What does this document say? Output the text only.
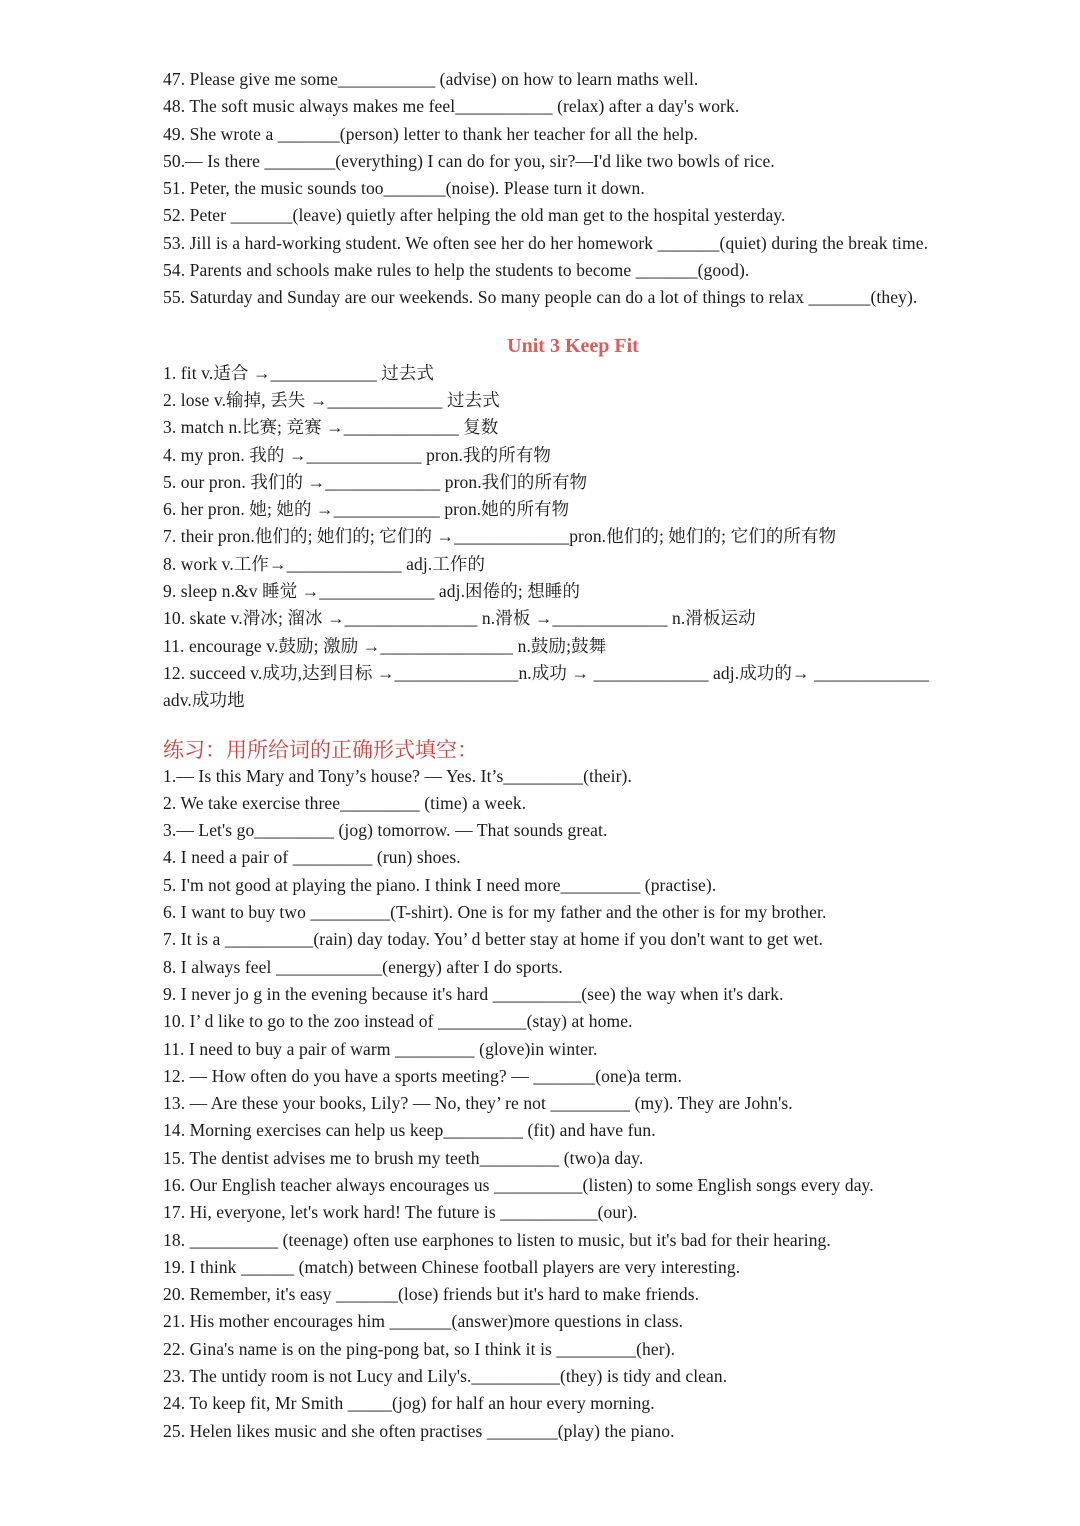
47. Please give me some___________ (advise) on how to learn maths well.
48. The soft music always makes me feel___________ (relax) after a day's work.
49. She wrote a _______(person) letter to thank her teacher for all the help.
50.— Is there ________(everything) I can do for you, sir?—I'd like two bowls of rice.
51. Peter, the music sounds too_______(noise). Please turn it down.
52. Peter _______(leave) quietly after helping the old man get to the hospital yesterday.
53. Jill is a hard-working student. We often see her do her homework _______(quiet) during the break time.
54. Parents and schools make rules to help the students to become _______(good).
55. Saturday and Sunday are our weekends. So many people can do a lot of things to relax _______(they).
Unit 3 Keep Fit
1. fit v.适合 →____________ 过去式
2. lose v.输掉, 丢失 →_____________ 过去式
3. match n.比赛; 竞赛 →_____________ 复数
4. my pron. 我的 →_____________ pron.我的所有物
5. our pron. 我们的 →_____________ pron.我们的所有物
6. her pron. 她; 她的 →____________ pron.她的所有物
7. their pron.他们的; 她们的; 它们的 →_____________pron.他们的; 她们的; 它们的所有物
8. work v.工作→_____________ adj.工作的
9. sleep n.&v 睡觉 →_____________ adj.困倦的; 想睡的
10. skate v.滑冰; 溜冰 →_______________ n.滑板 →_____________ n.滑板运动
11. encourage v.鼓励; 激励 →_______________ n.鼓励;鼓舞
12. succeed v.成功,达到目标 →______________n.成功 → _____________ adj.成功的→ _____________
adv.成功地
练习：用所给词的正确形式填空：
1.— Is this Mary and Tony’s house? — Yes. It’s_________(their).
2. We take exercise three_________ (time) a week.
3.— Let's go_________ (jog) tomorrow. — That sounds great.
4. I need a pair of _________ (run) shoes.
5. I'm not good at playing the piano. I think I need more_________ (practise).
6. I want to buy two _________(T-shirt). One is for my father and the other is for my brother.
7. It is a __________(rain) day today. You’ d better stay at home if you don't want to get wet.
8. I always feel ____________(energy) after I do sports.
9. I never jo g in the evening because it's hard __________(see) the way when it's dark.
10. I’ d like to go to the zoo instead of __________(stay) at home.
11. I need to buy a pair of warm _________ (glove)in winter.
12. — How often do you have a sports meeting? — _______(one)a term.
13. — Are these your books, Lily? — No, they’ re not _________ (my). They are John's.
14. Morning exercises can help us keep_________ (fit) and have fun.
15. The dentist advises me to brush my teeth_________ (two)a day.
16. Our English teacher always encourages us __________(listen) to some English songs every day.
17. Hi, everyone, let's work hard! The future is ___________(our).
18. __________ (teenage) often use earphones to listen to music, but it's bad for their hearing.
19. I think ______ (match) between Chinese football players are very interesting.
20. Remember, it's easy _______(lose) friends but it's hard to make friends.
21. His mother encourages him _______(answer)more questions in class.
22. Gina's name is on the ping-pong bat, so I think it is _________(her).
23. The untidy room is not Lucy and Lily's.__________(they) is tidy and clean.
24. To keep fit, Mr Smith _____(jog) for half an hour every morning.
25. Helen likes music and she often practises ________(play) the piano.
